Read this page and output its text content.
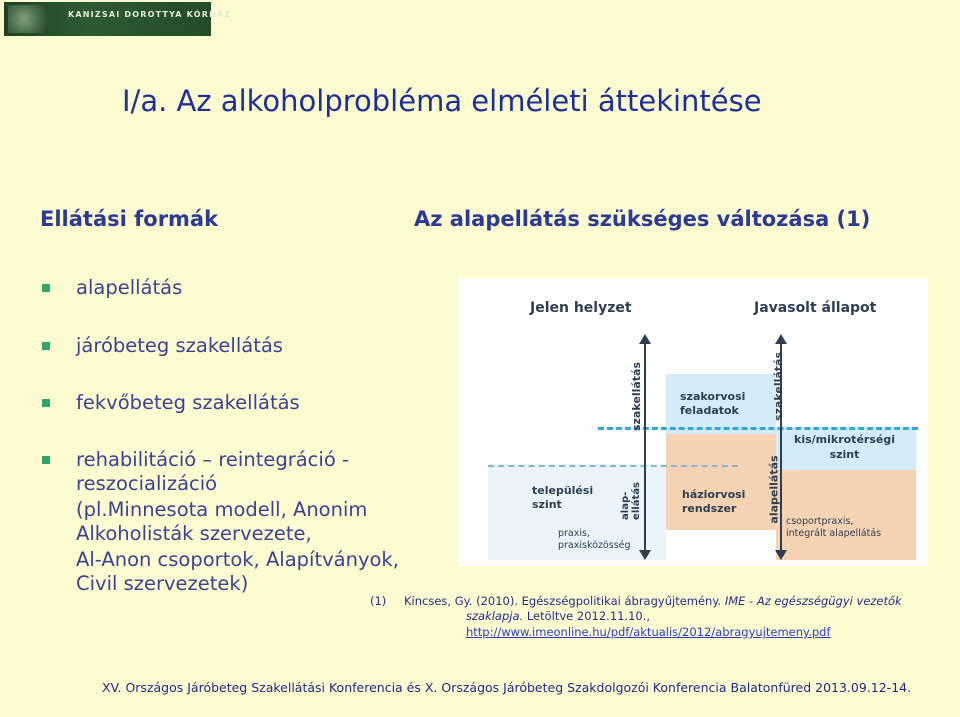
KANIZSAI DOROTTYA KÓRHÁZ
I/a. Az alkoholprobléma elméleti áttekintése
Ellátási formák	Az alapellátás szükséges változása (1)
alapellátás
járóbeteg szakellátás
fekvőbeteg szakellátás
rehabilitáció – reintegráció -
reszocializáció
(pl.Minnesota modell, Anonim
Alkoholisták szervezete,
Al-Anon csoportok, Alapítványok,
Civil szervezetek)
Jelen helyzet	Javasolt állapot
szakellátás	szakellátás
alap-
ellátás	alapellátás
szakorvosi
feladatok
kis/mikrotérségi
szint
települési
szint
háziorvosi
rendszer
praxis,
praxisközösség
csoportpraxis,
integrált alapellátás
(1) Kincses, Gy. (2010). Egészségpolitikai ábragyűjtemény. IME - Az egészségügyi vezetők
szaklapja. Letöltve 2012.11.10.,
http://www.imeonline.hu/pdf/aktualis/2012/abragyujtemeny.pdf
XV. Országos Járóbeteg Szakellátási Konferencia és X. Országos Járóbeteg Szakdolgozói Konferencia Balatonfüred 2013.09.12-14.
